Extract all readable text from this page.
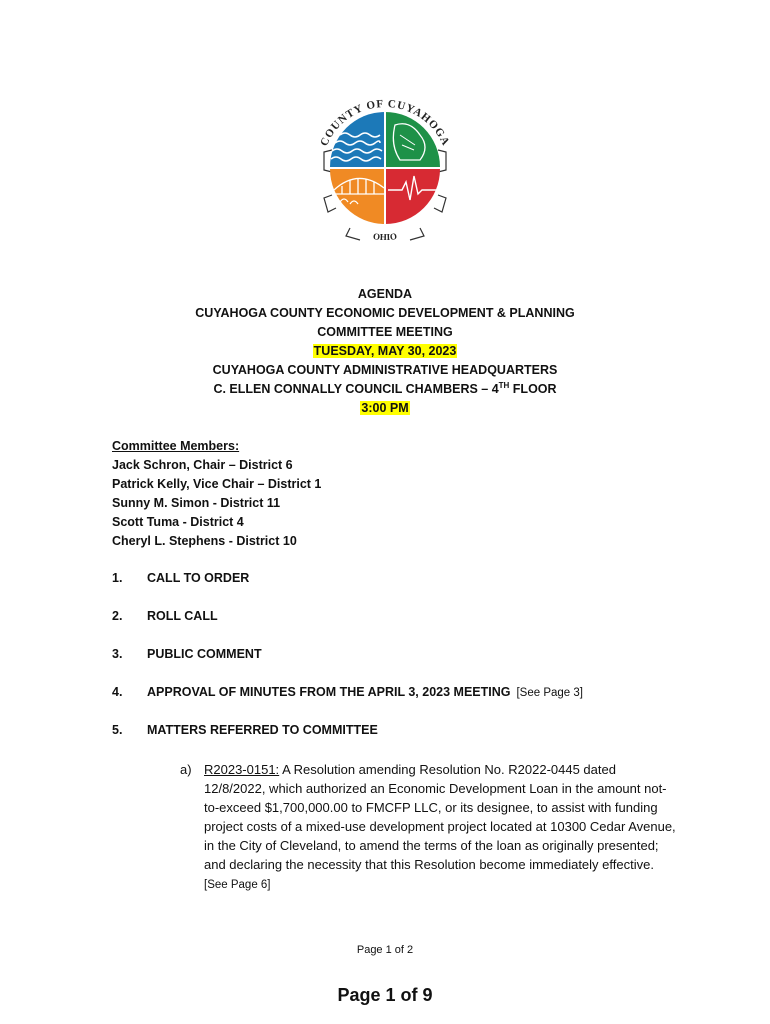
COUNTY OF CUYAHOGA
OHIO
AGENDA
CUYAHOGA COUNTY ECONOMIC DEVELOPMENT & PLANNING
COMMITTEE MEETING
TUESDAY, MAY 30, 2023
CUYAHOGA COUNTY ADMINISTRATIVE HEADQUARTERS
C. ELLEN CONNALLY COUNCIL CHAMBERS – 4TH FLOOR
3:00 PM
Committee Members:
Jack Schron, Chair – District 6
Patrick Kelly, Vice Chair – District 1
Sunny M. Simon - District 11
Scott Tuma - District 4
Cheryl L. Stephens - District 10
1. CALL TO ORDER
2. ROLL CALL
3. PUBLIC COMMENT
4. APPROVAL OF MINUTES FROM THE APRIL 3, 2023 MEETING [See Page 3]
5. MATTERS REFERRED TO COMMITTEE
a) R2023-0151: A Resolution amending Resolution No. R2022-0445 dated 12/8/2022, which authorized an Economic Development Loan in the amount not-to-exceed $1,700,000.00 to FMCFP LLC, or its designee, to assist with funding project costs of a mixed-use development project located at 10300 Cedar Avenue, in the City of Cleveland, to amend the terms of the loan as originally presented; and declaring the necessity that this Resolution become immediately effective.  [See Page 6]
Page 1 of 2
Page 1 of 9
